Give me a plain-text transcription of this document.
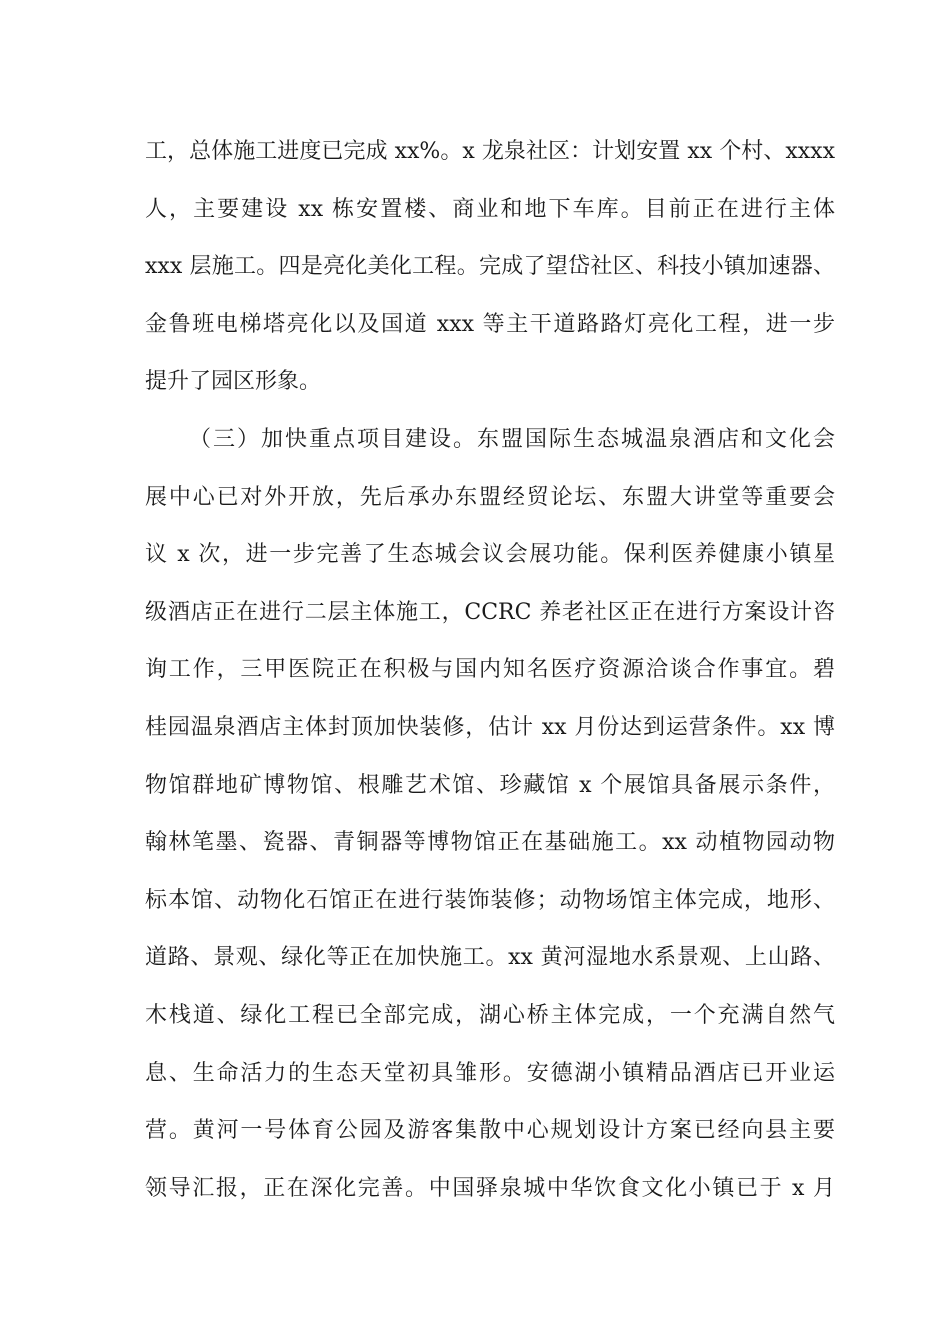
工，总体施工进度已完成 xx%。x 龙泉社区：计划安置 xx 个村、xxxx
人，主要建设 xx 栋安置楼、商业和地下车库。目前正在进行主体
xxx 层施工。四是亮化美化工程。完成了望岱社区、科技小镇加速器、
金鲁班电梯塔亮化以及国道 xxx 等主干道路路灯亮化工程，进一步
提升了园区形象。
（三）加快重点项目建设。东盟国际生态城温泉酒店和文化会
展中心已对外开放，先后承办东盟经贸论坛、东盟大讲堂等重要会
议 x 次，进一步完善了生态城会议会展功能。保利医养健康小镇星
级酒店正在进行二层主体施工，CCRC 养老社区正在进行方案设计咨
询工作，三甲医院正在积极与国内知名医疗资源洽谈合作事宜。碧
桂园温泉酒店主体封顶加快装修，估计 xx 月份达到运营条件。xx 博
物馆群地矿博物馆、根雕艺术馆、珍藏馆 x 个展馆具备展示条件，
翰林笔墨、瓷器、青铜器等博物馆正在基础施工。xx 动植物园动物
标本馆、动物化石馆正在进行装饰装修；动物场馆主体完成，地形、
道路、景观、绿化等正在加快施工。xx 黄河湿地水系景观、上山路、
木栈道、绿化工程已全部完成，湖心桥主体完成，一个充满自然气
息、生命活力的生态天堂初具雏形。安德湖小镇精品酒店已开业运
营。黄河一号体育公园及游客集散中心规划设计方案已经向县主要
领导汇报，正在深化完善。中国驿泉城中华饮食文化小镇已于 x 月
